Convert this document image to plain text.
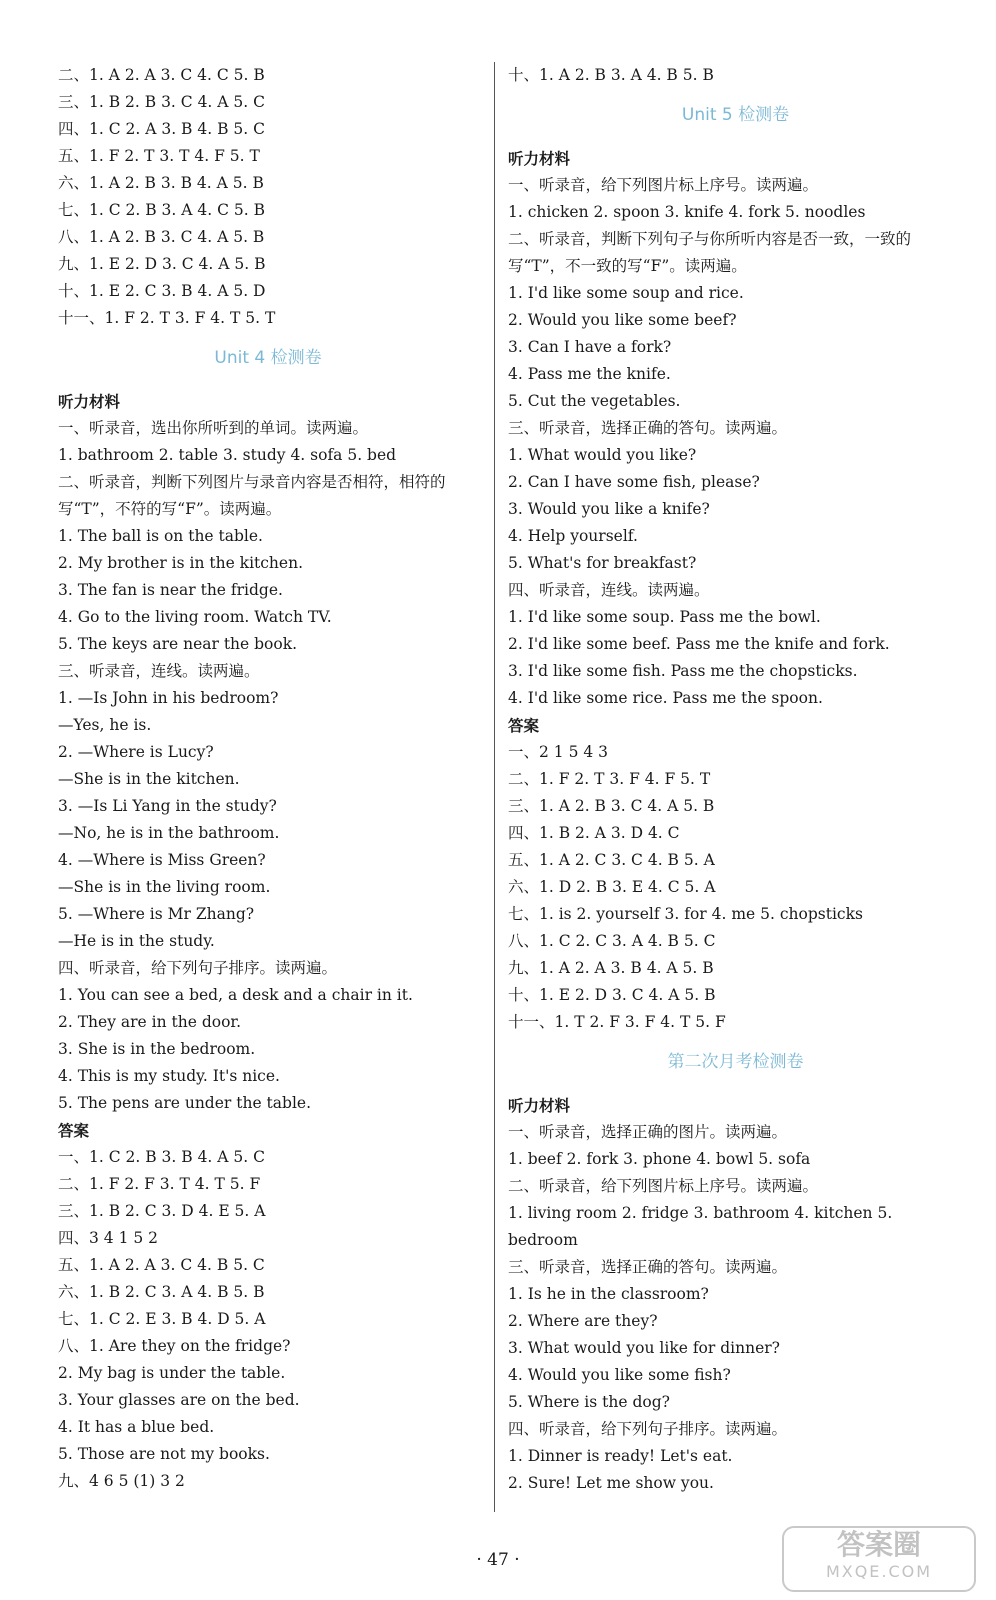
二、1. A 2. A 3. C 4. C 5. B
三、1. B 2. B 3. C 4. A 5. C
四、1. C 2. A 3. B 4. B 5. C
五、1. F 2. T 3. T 4. F 5. T
六、1. A 2. B 3. B 4. A 5. B
七、1. C 2. B 3. A 4. C 5. B
八、1. A 2. B 3. C 4. A 5. B
九、1. E 2. D 3. C 4. A 5. B
十、1. E 2. C 3. B 4. A 5. D
十一、1. F 2. T 3. F 4. T 5. T
Unit 4 检测卷
听力材料
一、听录音，选出你所听到的单词。读两遍。
1. bathroom 2. table 3. study 4. sofa 5. bed
二、听录音，判断下列图片与录音内容是否相符，相符的写“T”，不符的写“F”。读两遍。
1. The ball is on the table.
2. My brother is in the kitchen.
3. The fan is near the fridge.
4. Go to the living room. Watch TV.
5. The keys are near the book.
三、听录音，连线。读两遍。
1. —Is John in his bedroom?
—Yes, he is.
2. —Where is Lucy?
—She is in the kitchen.
3. —Is Li Yang in the study?
—No, he is in the bathroom.
4. —Where is Miss Green?
—She is in the living room.
5. —Where is Mr Zhang?
—He is in the study.
四、听录音，给下列句子排序。读两遍。
1. You can see a bed, a desk and a chair in it.
2. They are in the door.
3. She is in the bedroom.
4. This is my study. It's nice.
5. The pens are under the table.
答案
一、1. C 2. B 3. B 4. A 5. C
二、1. F 2. F 3. T 4. T 5. F
三、1. B 2. C 3. D 4. E 5. A
四、3 4 1 5 2
五、1. A 2. A 3. C 4. B 5. C
六、1. B 2. C 3. A 4. B 5. B
七、1. C 2. E 3. B 4. D 5. A
八、1. Are they on the fridge?
2. My bag is under the table.
3. Your glasses are on the bed.
4. It has a blue bed.
5. Those are not my books.
九、4 6 5 (1) 3 2
十、1. A 2. B 3. A 4. B 5. B
Unit 5 检测卷
听力材料
一、听录音，给下列图片标上序号。读两遍。
1. chicken 2. spoon 3. knife 4. fork 5. noodles
二、听录音，判断下列句子与你所听内容是否一致，一致的写“T”，不一致的写“F”。读两遍。
1. I'd like some soup and rice.
2. Would you like some beef?
3. Can I have a fork?
4. Pass me the knife.
5. Cut the vegetables.
三、听录音，选择正确的答句。读两遍。
1. What would you like?
2. Can I have some fish, please?
3. Would you like a knife?
4. Help yourself.
5. What's for breakfast?
四、听录音，连线。读两遍。
1. I'd like some soup. Pass me the bowl.
2. I'd like some beef. Pass me the knife and fork.
3. I'd like some fish. Pass me the chopsticks.
4. I'd like some rice. Pass me the spoon.
答案
一、2 1 5 4 3
二、1. F 2. T 3. F 4. F 5. T
三、1. A 2. B 3. C 4. A 5. B
四、1. B 2. A 3. D 4. C
五、1. A 2. C 3. C 4. B 5. A
六、1. D 2. B 3. E 4. C 5. A
七、1. is 2. yourself 3. for 4. me 5. chopsticks
八、1. C 2. C 3. A 4. B 5. C
九、1. A 2. A 3. B 4. A 5. B
十、1. E 2. D 3. C 4. A 5. B
十一、1. T 2. F 3. F 4. T 5. F
第二次月考检测卷
听力材料
一、听录音，选择正确的图片。读两遍。
1. beef 2. fork 3. phone 4. bowl 5. sofa
二、听录音，给下列图片标上序号。读两遍。
1. living room 2. fridge 3. bathroom 4. kitchen 5. bedroom
三、听录音，选择正确的答句。读两遍。
1. Is he in the classroom?
2. Where are they?
3. What would you like for dinner?
4. Would you like some fish?
5. Where is the dog?
四、听录音，给下列句子排序。读两遍。
1. Dinner is ready! Let's eat.
2. Sure! Let me show you.
· 47 ·	答案圈
MXQE.COM
